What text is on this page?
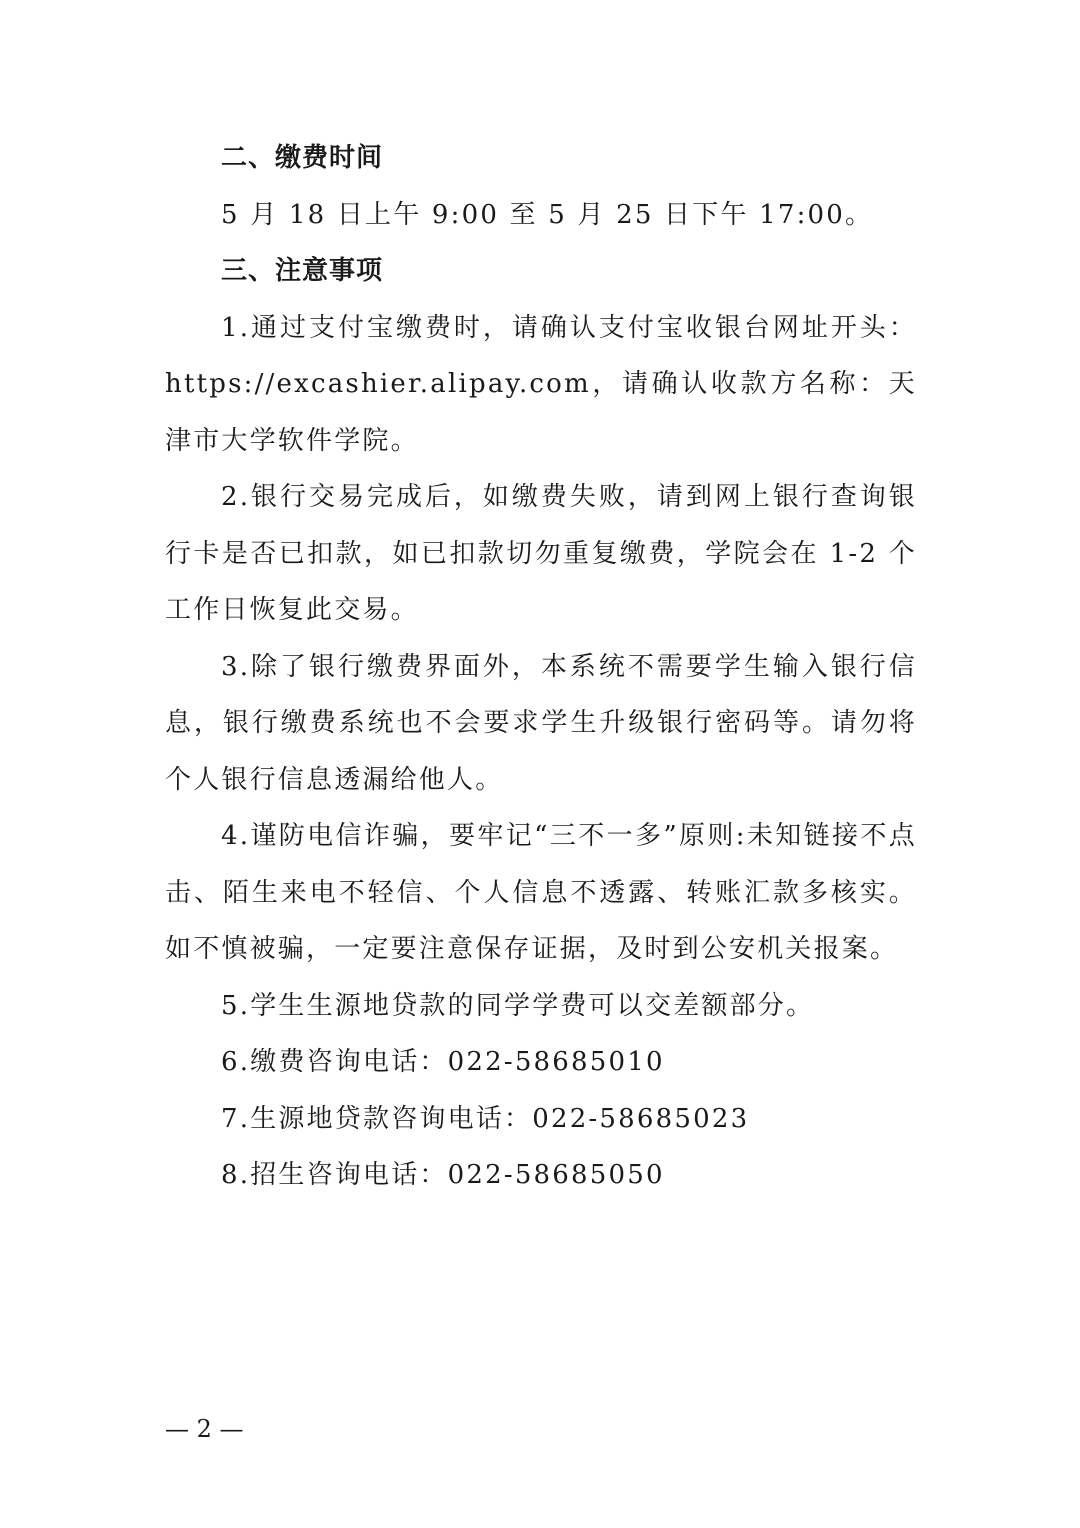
二、缴费时间

5 月 18 日上午 9:00 至 5 月 25 日下午 17:00。

三、注意事项

1.通过支付宝缴费时，请确认支付宝收银台网址开头：https://excashier.alipay.com，请确认收款方名称：天津市大学软件学院。

2.银行交易完成后，如缴费失败，请到网上银行查询银行卡是否已扣款，如已扣款切勿重复缴费，学院会在 1-2 个工作日恢复此交易。

3.除了银行缴费界面外，本系统不需要学生输入银行信息，银行缴费系统也不会要求学生升级银行密码等。请勿将个人银行信息透漏给他人。

4.谨防电信诈骗，要牢记“三不一多”原则:未知链接不点击、陌生来电不轻信、个人信息不透露、转账汇款多核实。如不慎被骗，一定要注意保存证据，及时到公安机关报案。

5.学生生源地贷款的同学学费可以交差额部分。

6.缴费咨询电话：022-58685010

7.生源地贷款咨询电话：022-58685023

8.招生咨询电话：022-58685050

— 2 —
